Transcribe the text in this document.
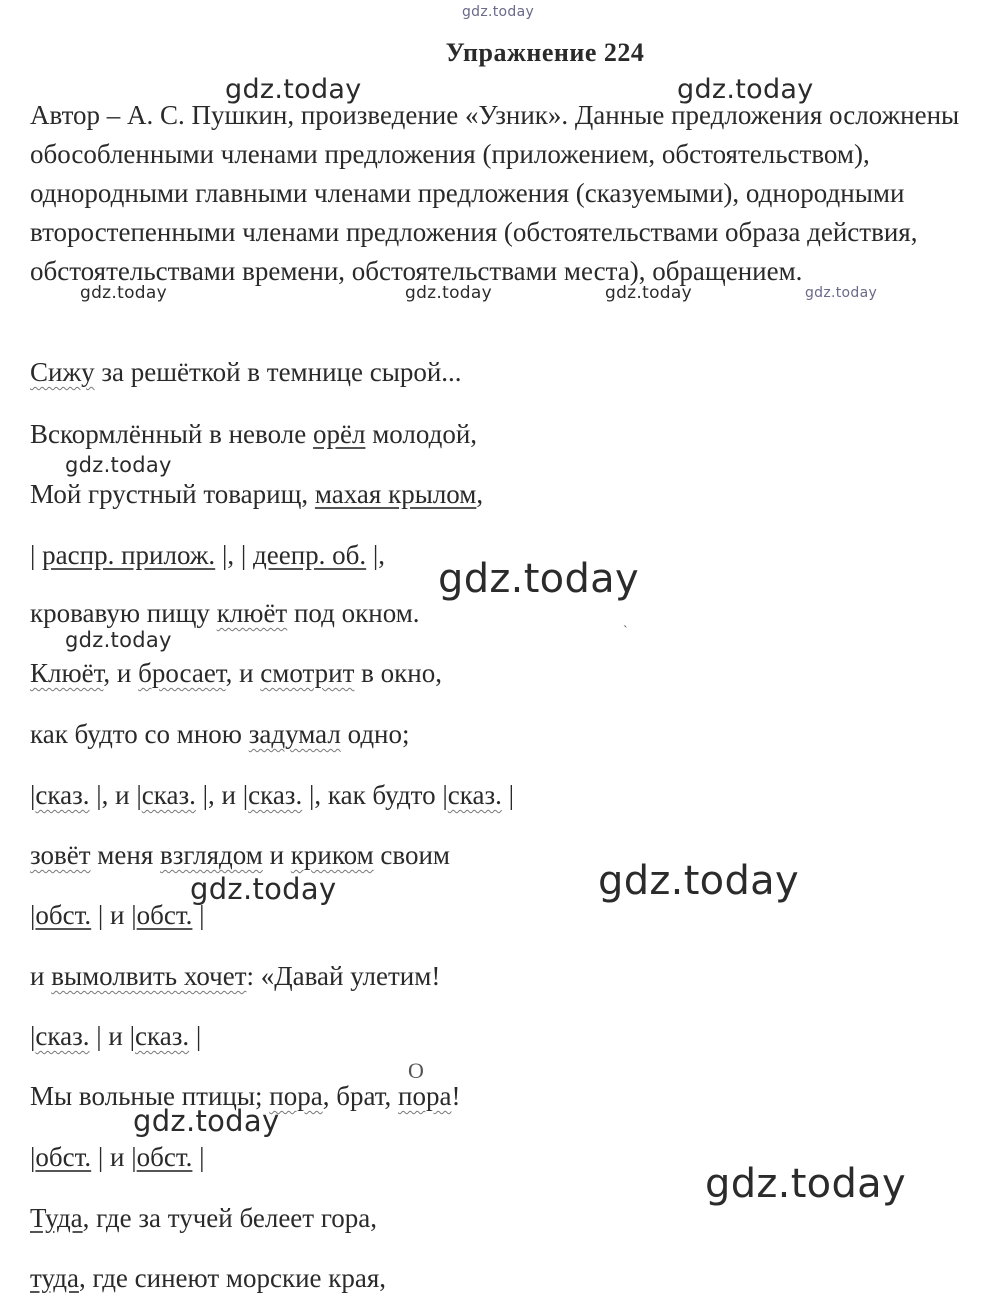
gdz.today
Упражнение 224
Автор – А. С. Пушкин, произведение «Узник». Данные предложения осложнены обособленными членами предложения (приложением, обстоятельством), однородными главными членами предложения (сказуемыми), однородными второстепенными членами предложения (обстоятельствами образа действия, обстоятельствами времени, обстоятельствами места), обращением.
Сижу за решёткой в темнице сырой...
Вскормлённый в неволе орёл молодой,
Мой грустный товарищ, махая крылом,
| распр. прилож. |, | деепр. об. |,
кровавую пищу клюёт под окном.
Клюёт, и бросает, и смотрит в окно,
как будто со мною задумал одно;
|сказ. |, и |сказ. |, и |сказ. |, как будто |сказ. |
зовёт меня взглядом и криком своим
|обст. | и |обст. |
и вымолвить хочет: «Давай улетим!
|сказ. | и |сказ. |
О
Мы вольные птицы; пора, брат, пора!
|обст. | и |обст. |
Туда, где за тучей белеет гора,
туда, где синеют морские края,
`
gdz.today	gdz.today
gdz.today	gdz.today	gdz.today	gdz.today
gdz.today
gdz.today
gdz.today
gdz.today	gdz.today
gdz.today
gdz.today
